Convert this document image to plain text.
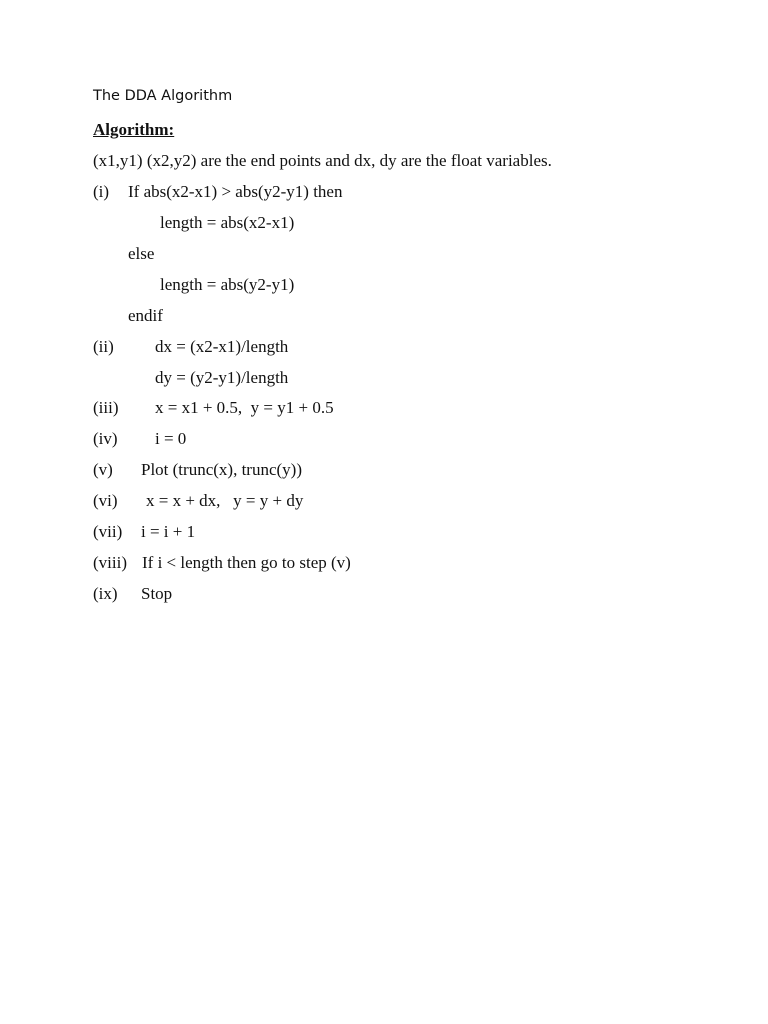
The DDA Algorithm
Algorithm:
(x1,y1) (x2,y2) are the end points and dx, dy are the float variables.
(i) If abs(x2-x1) > abs(y2-y1) then
length = abs(x2-x1)
else
length = abs(y2-y1)
endif
(ii) dx = (x2-x1)/length
dy = (y2-y1)/length
(iii) x = x1 + 0.5,  y = y1 + 0.5
(iv) i = 0
(v) Plot (trunc(x), trunc(y))
(vi) x = x + dx,   y = y + dy
(vii) i = i + 1
(viii) If i < length then go to step (v)
(ix) Stop
